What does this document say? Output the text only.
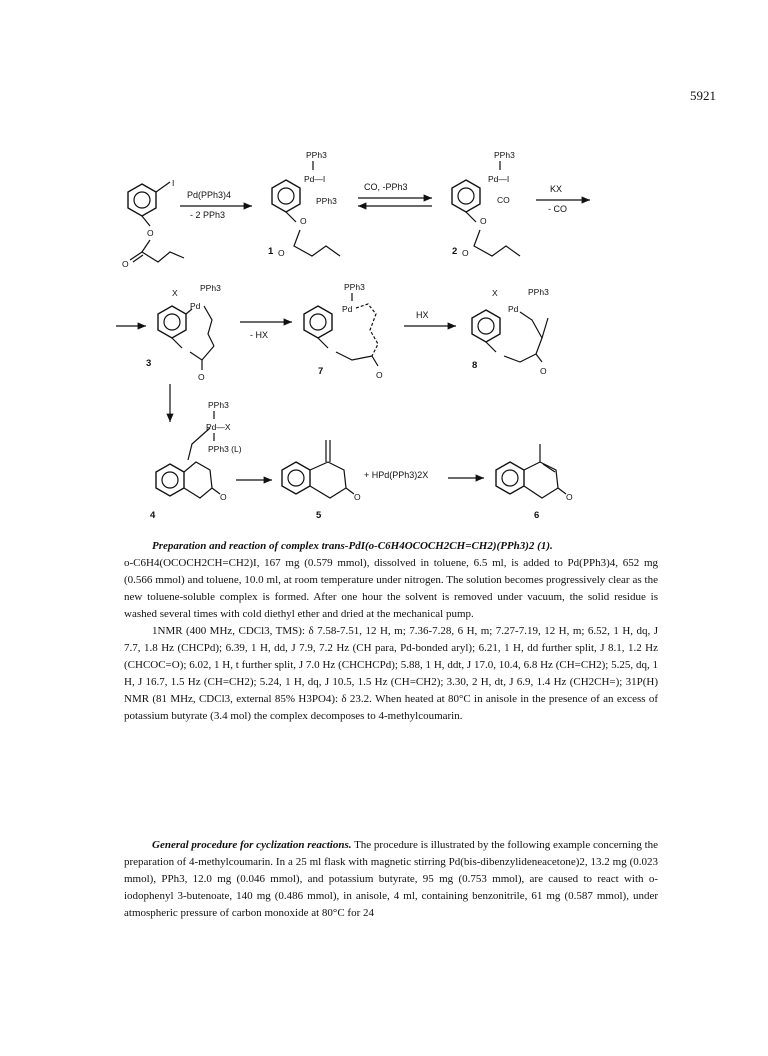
5921
I
O
O
Pd(PPh3)4
- 2 PPh3
PPh3
Pd—I
PPh3
O
1 O
CO, -PPh3
PPh3
Pd—I
CO
O
2 O
KX
- CO
X	PPh3
Pd
3
O
- HX
PPh3
Pd
7	O
HX
X	PPh3
Pd
8	O
PPh3
Pd—X
PPh3 (L)
4
O
5
O
+ HPd(PPh3)2X
6
O

Preparation and reaction of complex trans-PdI(o-C6H4OCOCH2CH=CH2)(PPh3)2 (1).

o-C6H4(OCOCH2CH=CH2)I, 167 mg (0.579 mmol), dissolved in toluene, 6.5 ml, is added to Pd(PPh3)4, 652 mg (0.566 mmol) and toluene, 10.0 ml, at room temperature under nitrogen. The solution becomes progressively clear as the new toluene-soluble complex is formed. After one hour the solvent is removed under vacuum, the solid residue is washed several times with cold diethyl ether and dried at the mechanical pump.

1NMR (400 MHz, CDCl3, TMS): δ 7.58-7.51, 12 H, m; 7.36-7.28, 6 H, m; 7.27-7.19, 12 H, m; 6.52, 1 H, dq, J 7.7, 1.8 Hz (CHCPd); 6.39, 1 H, dd, J 7.9, 7.2 Hz (CH para, Pd-bonded aryl); 6.21, 1 H, dd further split, J 8.1, 1.2 Hz (CHCOC=O); 6.02, 1 H, t further split, J 7.0 Hz (CHCHCPd); 5.88, 1 H, ddt, J 17.0, 10.4, 6.8 Hz (CH=CH2); 5.25, dq, 1 H, J 16.7, 1.5 Hz (CH=CH2); 5.24, 1 H, dq, J 10.5, 1.5 Hz (CH=CH2); 3.30, 2 H, dt, J 6.9, 1.4 Hz (CH2CH=); 31P(H) NMR (81 MHz, CDCl3, external 85% H3PO4): δ 23.2. When heated at 80°C in anisole in the presence of an excess of potassium butyrate (3.4 mol) the complex decomposes to 4-methylcoumarin.

General procedure for cyclization reactions. The procedure is illustrated by the following example concerning the preparation of 4-methylcoumarin. In a 25 ml flask with magnetic stirring Pd(bis-dibenzylideneacetone)2, 13.2 mg (0.023 mmol), PPh3, 12.0 mg (0.046 mmol), and potassium butyrate, 95 mg (0.753 mmol), are caused to react with o-iodophenyl 3-butenoate, 140 mg (0.486 mmol), in anisole, 4 ml, containing benzonitrile, 61 mg (0.587 mmol), under atmospheric pressure of carbon monoxide at 80°C for 24
